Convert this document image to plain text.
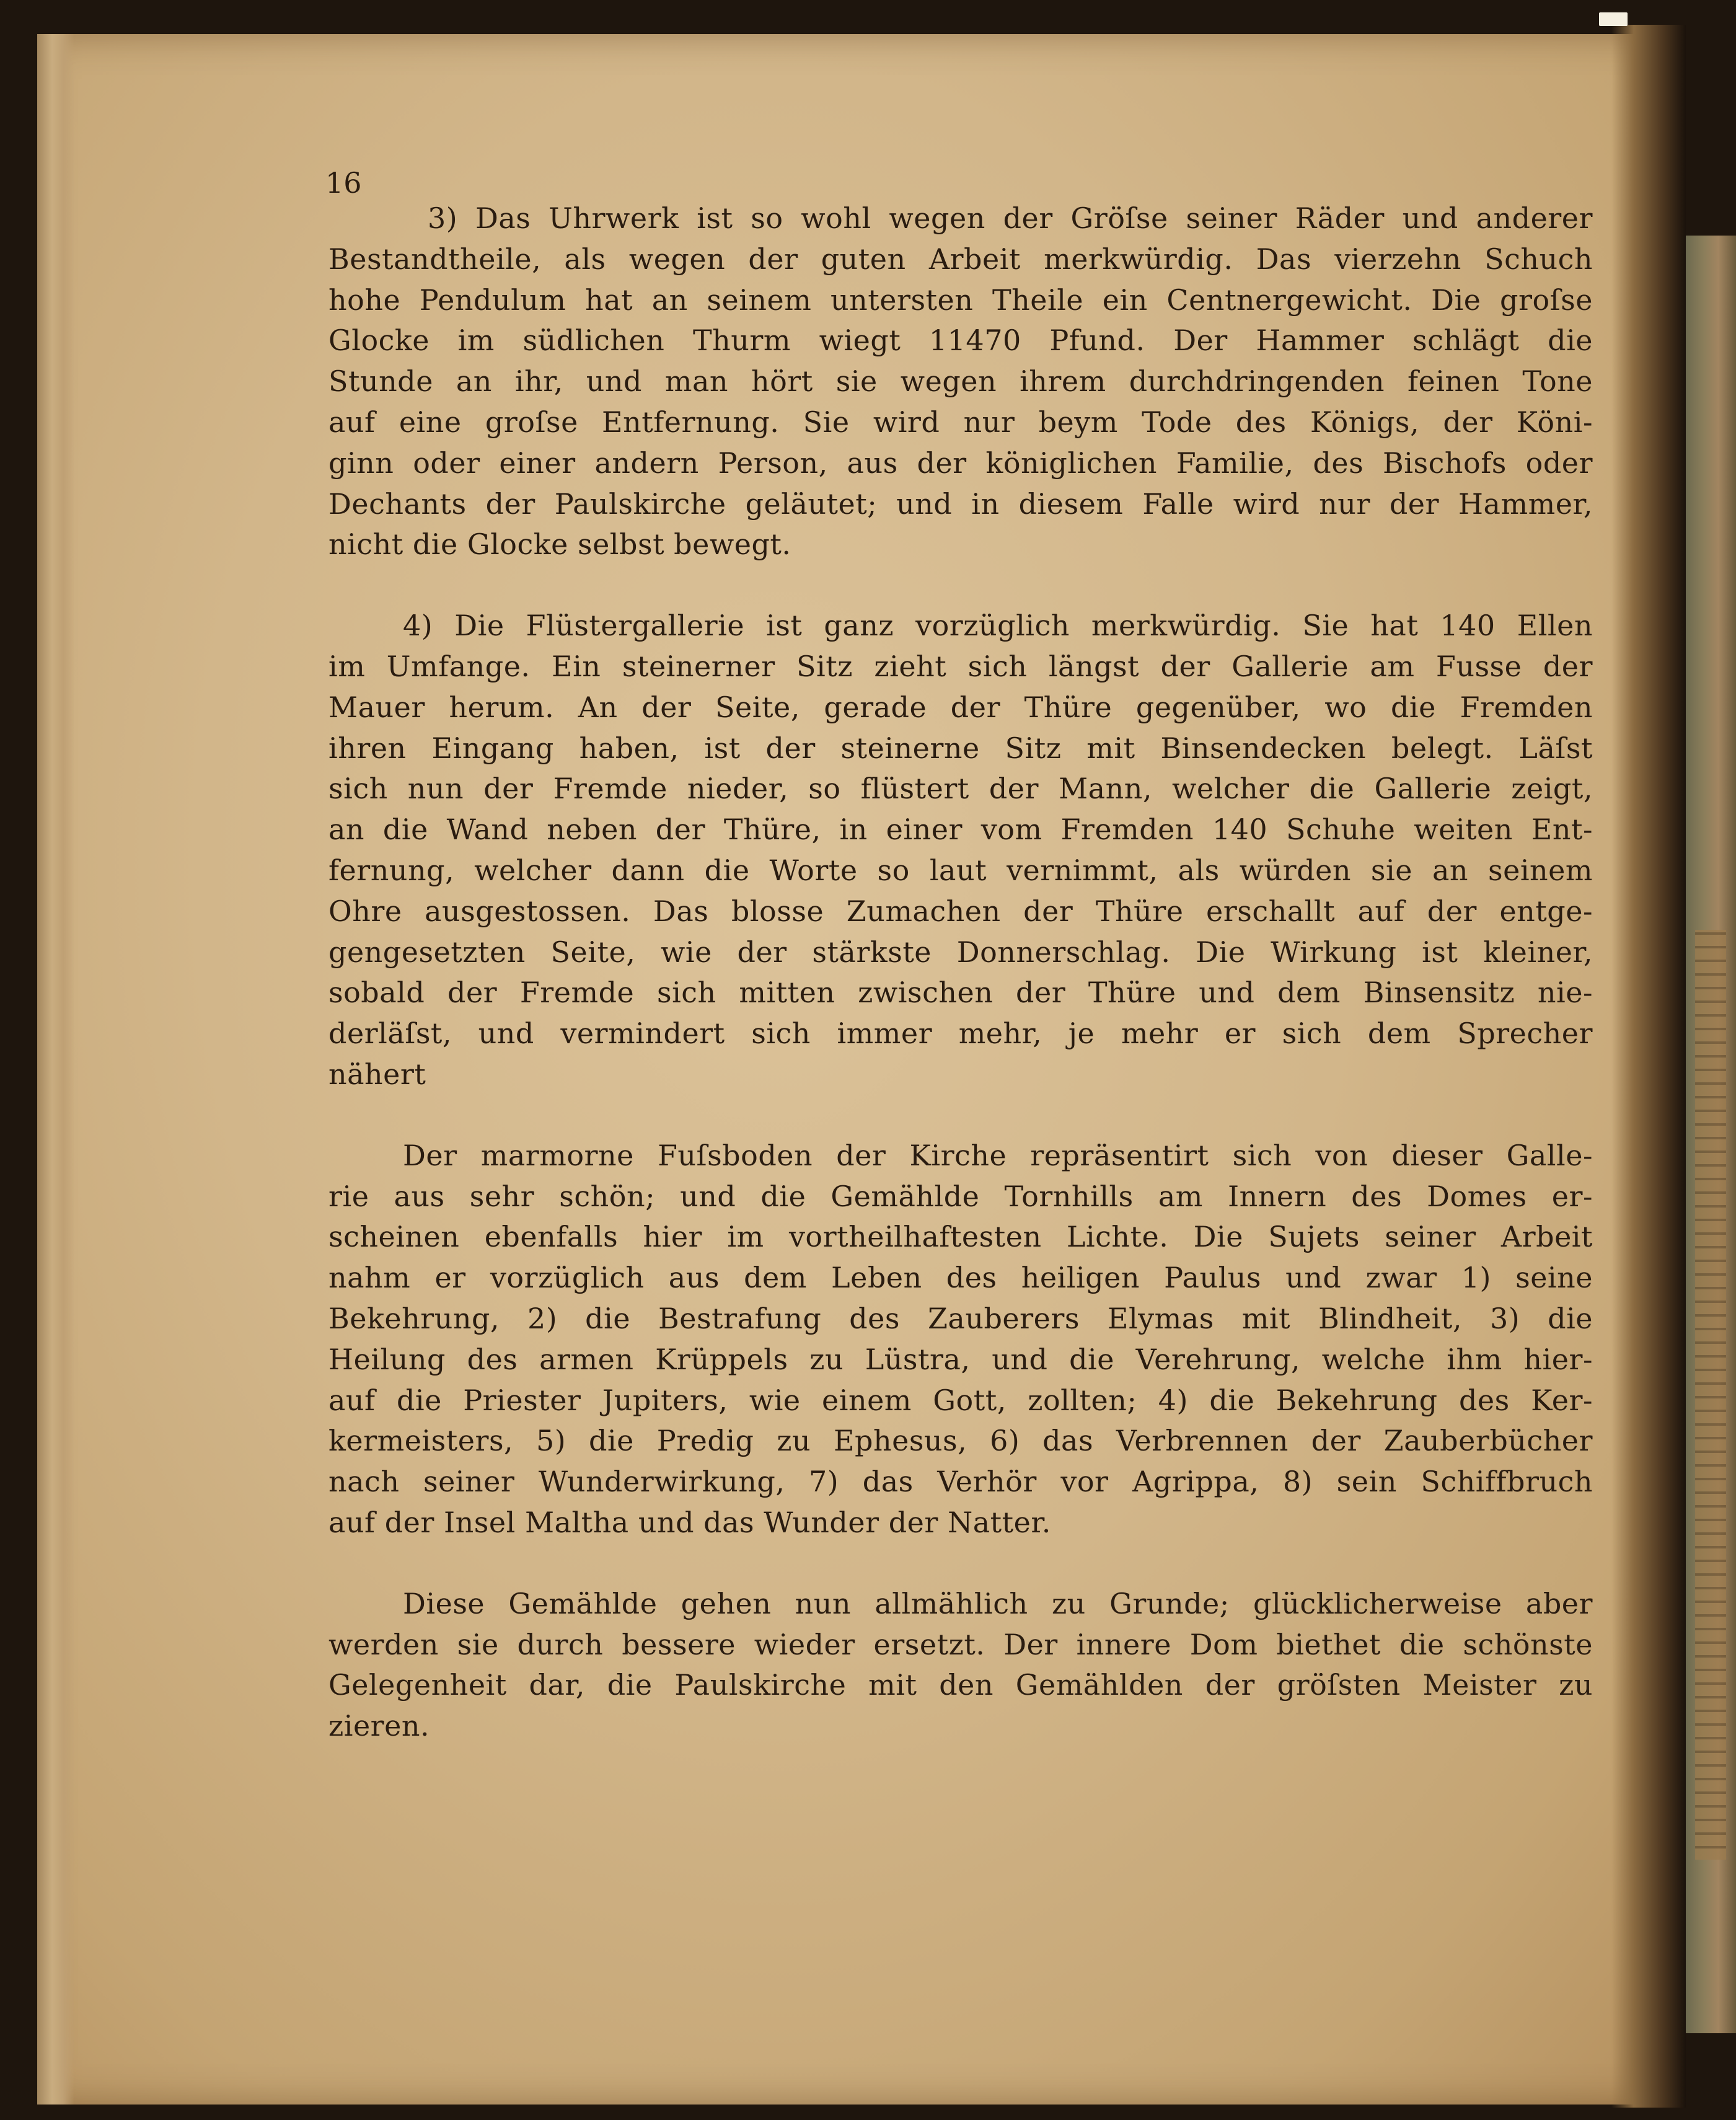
16
3) Das Uhrwerk ist so wohl wegen der Gröſse seiner Räder und anderer
Bestandtheile, als wegen der guten Arbeit merkwürdig. Das vierzehn Schuch
hohe Pendulum hat an seinem untersten Theile ein Centnergewicht. Die groſse
Glocke im südlichen Thurm wiegt 11470 Pfund. Der Hammer schlägt die
Stunde an ihr, und man hört sie wegen ihrem durchdringenden feinen Tone
auf eine groſse Entfernung. Sie wird nur beym Tode des Königs, der Köni-
ginn oder einer andern Person, aus der königlichen Familie, des Bischofs oder
Dechants der Paulskirche geläutet; und in diesem Falle wird nur der Hammer,
nicht die Glocke selbst bewegt.
4) Die Flüstergallerie ist ganz vorzüglich merkwürdig. Sie hat 140 Ellen
im Umfange. Ein steinerner Sitz zieht sich längst der Gallerie am Fusse der
Mauer herum. An der Seite, gerade der Thüre gegenüber, wo die Fremden
ihren Eingang haben, ist der steinerne Sitz mit Binsendecken belegt. Läſst
sich nun der Fremde nieder, so flüstert der Mann, welcher die Gallerie zeigt,
an die Wand neben der Thüre, in einer vom Fremden 140 Schuhe weiten Ent-
fernung, welcher dann die Worte so laut vernimmt, als würden sie an seinem
Ohre ausgestossen. Das blosse Zumachen der Thüre erschallt auf der entge-
gengesetzten Seite, wie der stärkste Donnerschlag. Die Wirkung ist kleiner,
sobald der Fremde sich mitten zwischen der Thüre und dem Binsensitz nie-
derläſst, und vermindert sich immer mehr, je mehr er sich dem Sprecher
nähert
Der marmorne Fuſsboden der Kirche repräsentirt sich von dieser Galle-
rie aus sehr schön; und die Gemählde Tornhills am Innern des Domes er-
scheinen ebenfalls hier im vortheilhaftesten Lichte. Die Sujets seiner Arbeit
nahm er vorzüglich aus dem Leben des heiligen Paulus und zwar 1) seine
Bekehrung, 2) die Bestrafung des Zauberers Elymas mit Blindheit, 3) die
Heilung des armen Krüppels zu Lüstra, und die Verehrung, welche ihm hier-
auf die Priester Jupiters, wie einem Gott, zollten; 4) die Bekehrung des Ker-
kermeisters, 5) die Predig zu Ephesus, 6) das Verbrennen der Zauberbücher
nach seiner Wunderwirkung, 7) das Verhör vor Agrippa, 8) sein Schiffbruch
auf der Insel Maltha und das Wunder der Natter.
Diese Gemählde gehen nun allmählich zu Grunde; glücklicherweise aber
werden sie durch bessere wieder ersetzt. Der innere Dom biethet die schönste
Gelegenheit dar, die Paulskirche mit den Gemählden der gröſsten Meister zu
zieren.
